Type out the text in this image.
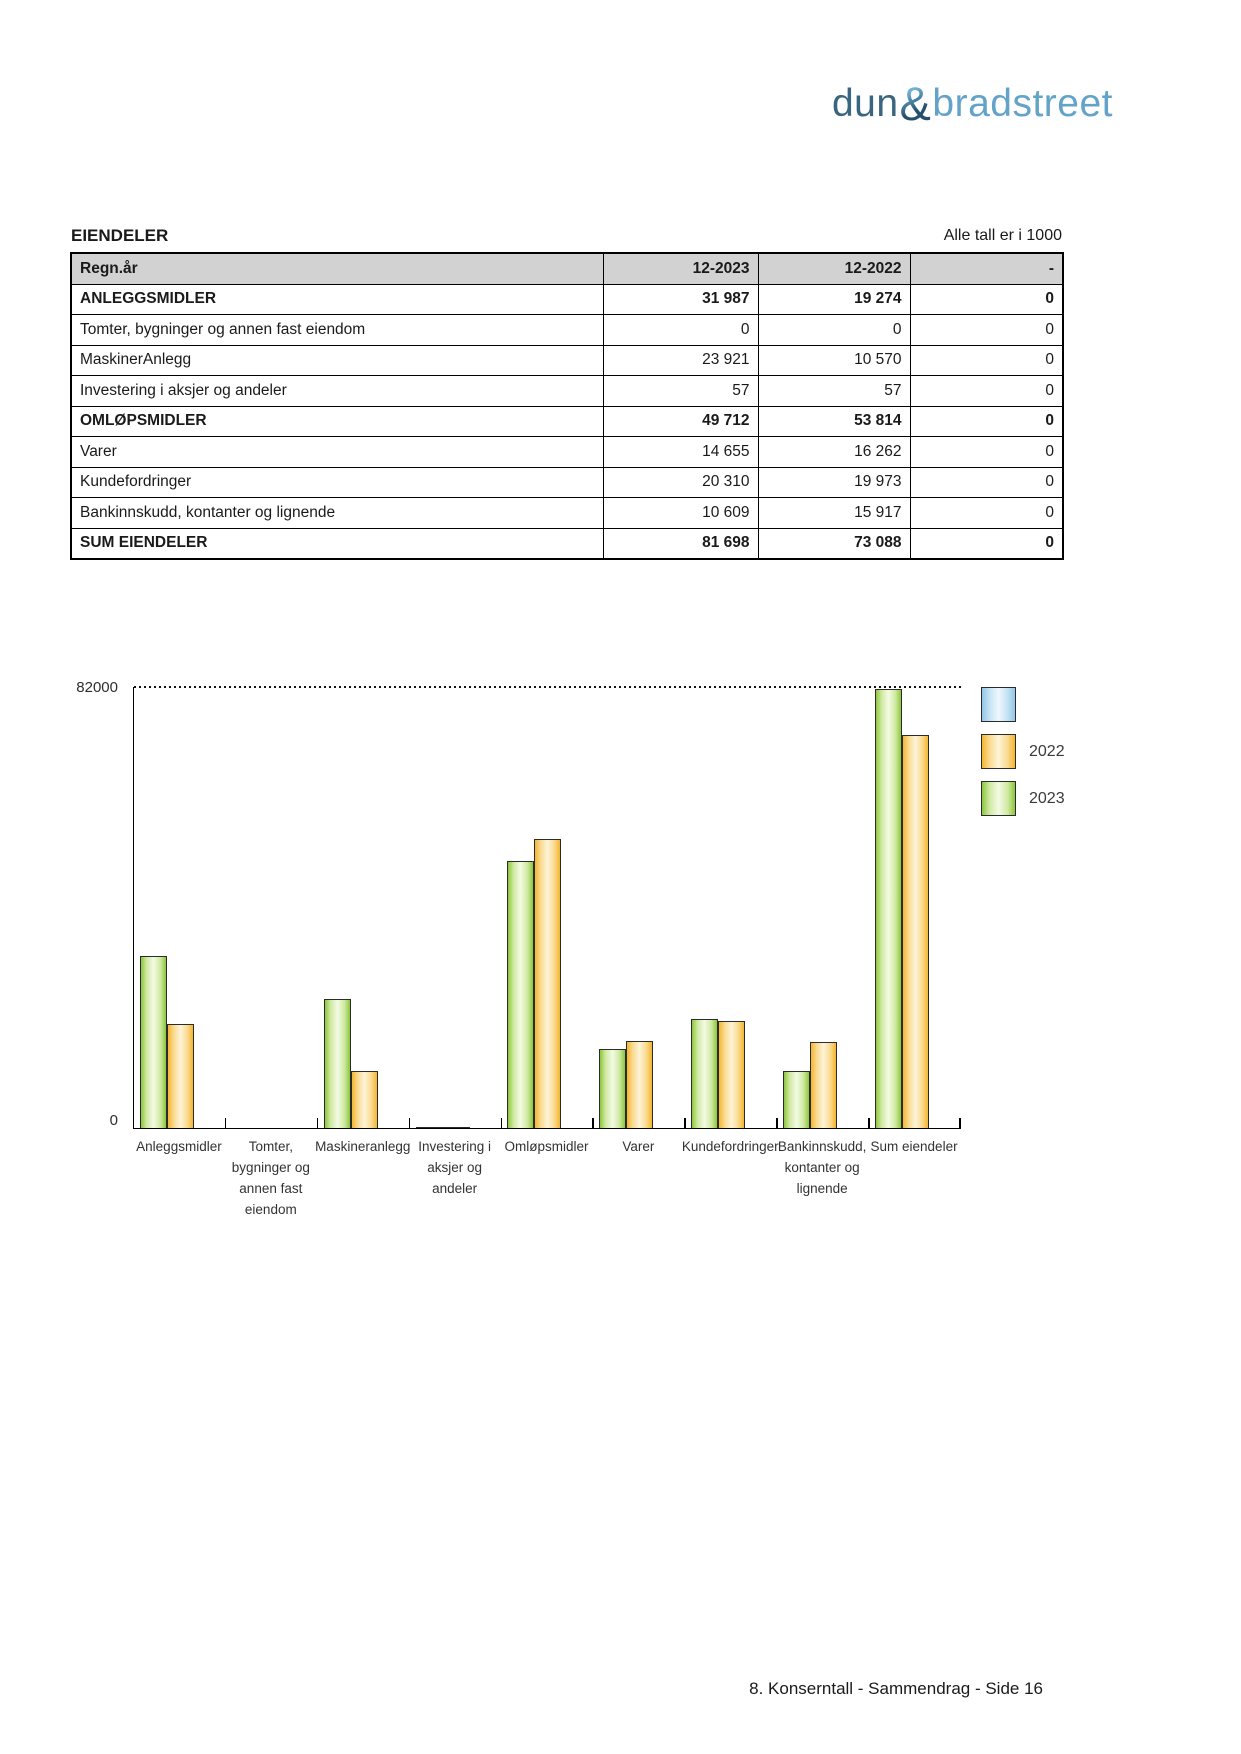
dun&bradstreet
EIENDELER	Alle tall er i 1000
Regn.år	12-2023	12-2022	-
ANLEGGSMIDLER	31 987	19 274	0
Tomter, bygninger og annen fast eiendom	0	0	0
MaskinerAnlegg	23 921	10 570	0
Investering i aksjer og andeler	57	57	0
OMLØPSMIDLER	49 712	53 814	0
Varer	14 655	16 262	0
Kundefordringer	20 310	19 973	0
Bankinnskudd, kontanter og lignende	10 609	15 917	0
SUM EIENDELER	81 698	73 088	0
82000
0
Anleggsmidler	Tomter,
bygninger og
annen fast
eiendom
Maskineranlegg Investering i
aksjer og
andeler
Omløpsmidler	Varer Kundefordringer Bankinnskudd,
kontanter og
lignende
Sum eiendeler
2022
2023
8. Konserntall - Sammendrag - Side 16
